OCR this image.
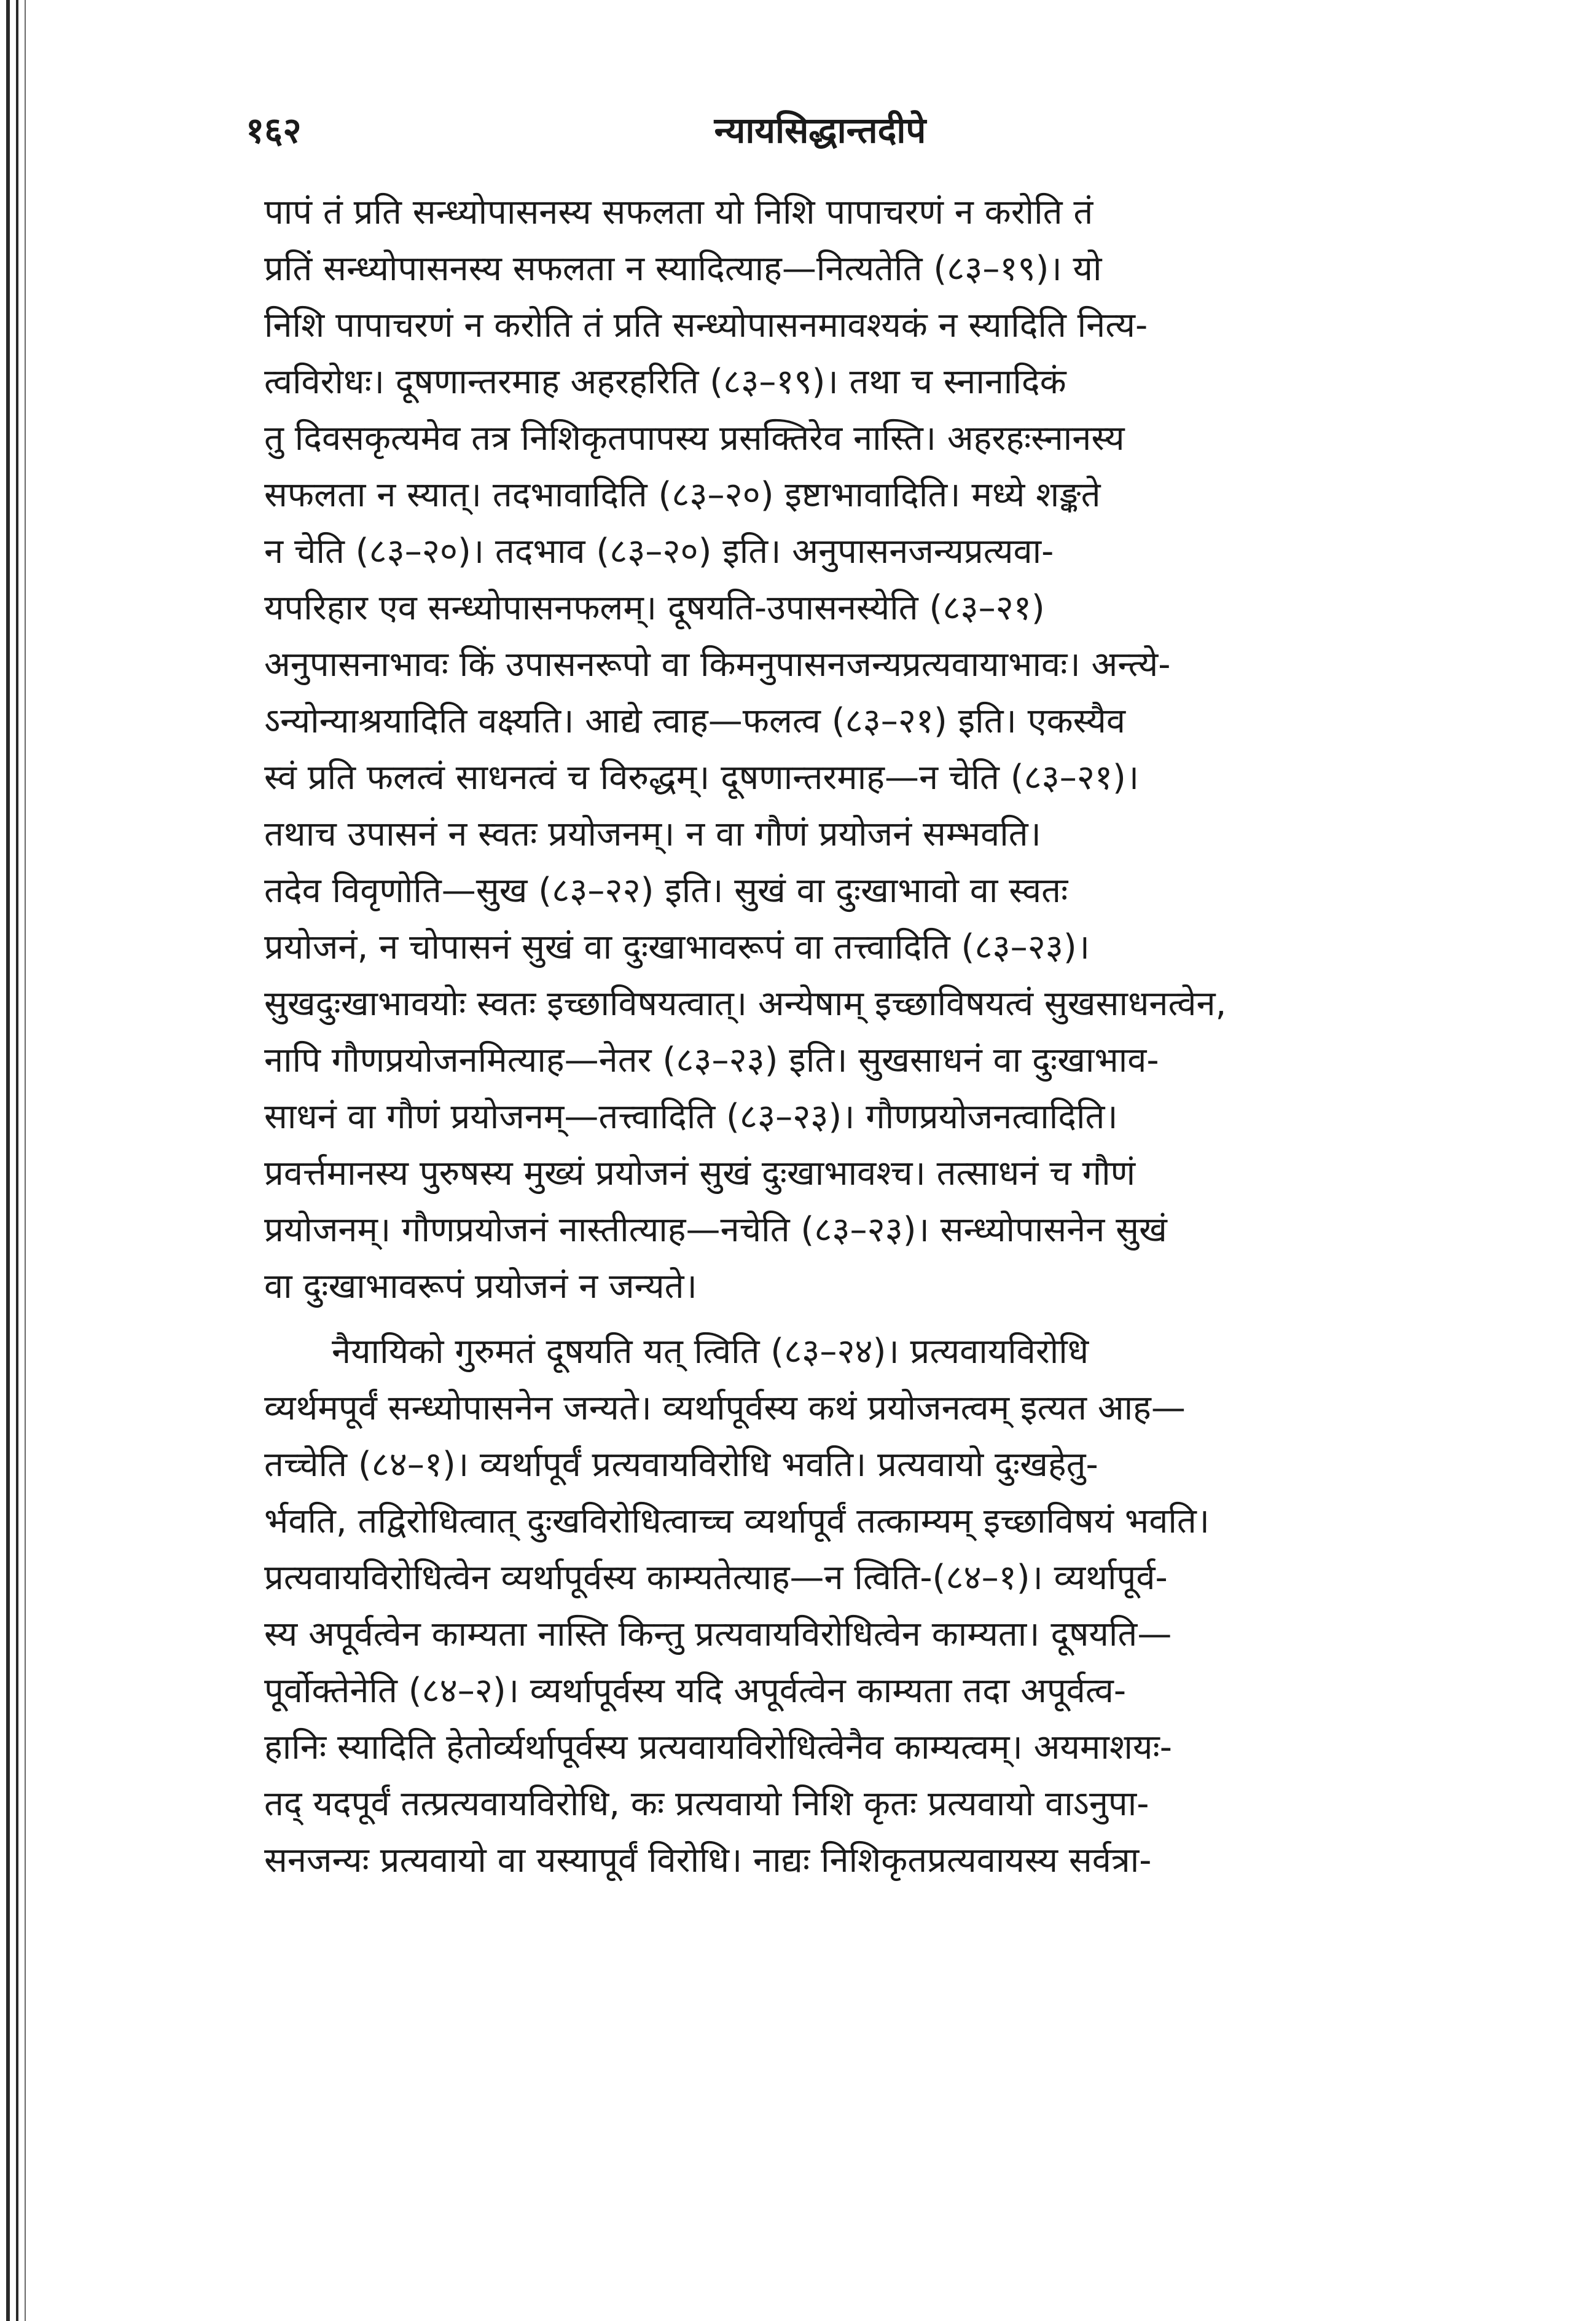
१६२	न्यायसिद्धान्तदीपे
पापं तं प्रति सन्ध्योपासनस्य सफलता यो निशि पापाचरणं न करोति तं
प्रतिं सन्ध्योपासनस्य सफलता न स्यादित्याह—नित्यतेति (८३–१९)। यो
निशि पापाचरणं न करोति तं प्रति सन्ध्योपासनमावश्यकं न स्यादिति नित्य-
त्वविरोधः। दूषणान्तरमाह अहरहरिति (८३–१९)। तथा च स्नानादिकं
तु दिवसकृत्यमेव तत्र निशिकृतपापस्य प्रसक्तिरेव नास्ति। अहरहःस्नानस्य
सफलता न स्यात्। तदभावादिति (८३–२०) इष्टाभावादिति। मध्ये शङ्कते
न चेति (८३–२०)। तदभाव (८३–२०) इति। अनुपासनजन्यप्रत्यवा-
यपरिहार एव सन्ध्योपासनफलम्। दूषयति-उपासनस्येति (८३–२१)
अनुपासनाभावः किं उपासनरूपो वा किमनुपासनजन्यप्रत्यवायाभावः। अन्त्ये-
ऽन्योन्याश्रयादिति वक्ष्यति। आद्ये त्वाह—फलत्व (८३–२१) इति। एकस्यैव
स्वं प्रति फलत्वं साधनत्वं च विरुद्धम्। दूषणान्तरमाह—न चेति (८३–२१)।
तथाच उपासनं न स्वतः प्रयोजनम्। न वा गौणं प्रयोजनं सम्भवति।
तदेव विवृणोति—सुख (८३–२२) इति। सुखं वा दुःखाभावो वा स्वतः
प्रयोजनं, न चोपासनं सुखं वा दुःखाभावरूपं वा तत्त्वादिति (८३–२३)।
सुखदुःखाभावयोः स्वतः इच्छाविषयत्वात्। अन्येषाम् इच्छाविषयत्वं सुखसाधनत्वेन,
नापि गौणप्रयोजनमित्याह—नेतर (८३–२३) इति। सुखसाधनं वा दुःखाभाव-
साधनं वा गौणं प्रयोजनम्—तत्त्वादिति (८३–२३)। गौणप्रयोजनत्वादिति।
प्रवर्त्तमानस्य पुरुषस्य मुख्यं प्रयोजनं सुखं दुःखाभावश्च। तत्साधनं च गौणं
प्रयोजनम्। गौणप्रयोजनं नास्तीत्याह—नचेति (८३–२३)। सन्ध्योपासनेन सुखं
वा दुःखाभावरूपं प्रयोजनं न जन्यते।
नैयायिको गुरुमतं दूषयति यत् त्विति (८३–२४)। प्रत्यवायविरोधि
व्यर्थमपूर्वं सन्ध्योपासनेन जन्यते। व्यर्थापूर्वस्य कथं प्रयोजनत्वम् इत्यत आह—
तच्चेति (८४–१)। व्यर्थापूर्वं प्रत्यवायविरोधि भवति। प्रत्यवायो दुःखहेतु-
र्भवति, तद्विरोधित्वात् दुःखविरोधित्वाच्च व्यर्थापूर्वं तत्काम्यम् इच्छाविषयं भवति।
प्रत्यवायविरोधित्वेन व्यर्थापूर्वस्य काम्यतेत्याह—न त्विति-(८४–१)। व्यर्थापूर्व-
स्य अपूर्वत्वेन काम्यता नास्ति किन्तु प्रत्यवायविरोधित्वेन काम्यता। दूषयति—
पूर्वोक्तेनेति (८४–२)। व्यर्थापूर्वस्य यदि अपूर्वत्वेन काम्यता तदा अपूर्वत्व-
हानिः स्यादिति हेतोर्व्यर्थापूर्वस्य प्रत्यवायविरोधित्वेनैव काम्यत्वम्। अयमाशयः-
तद् यदपूर्वं तत्प्रत्यवायविरोधि, कः प्रत्यवायो निशि कृतः प्रत्यवायो वाऽनुपा-
सनजन्यः प्रत्यवायो वा यस्यापूर्वं विरोधि। नाद्यः निशिकृतप्रत्यवायस्य सर्वत्रा-
